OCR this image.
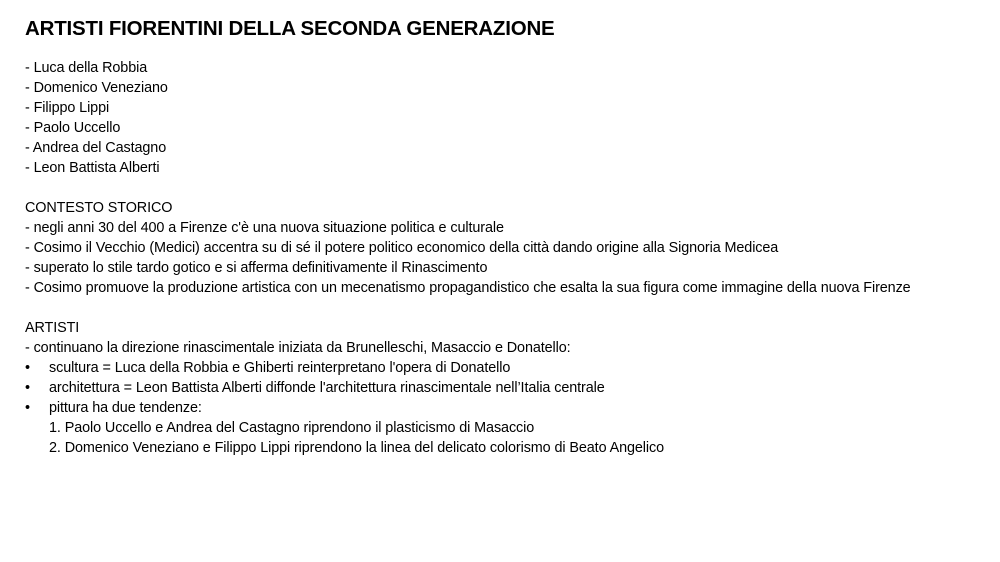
ARTISTI FIORENTINI DELLA SECONDA GENERAZIONE
- Luca della Robbia
- Domenico Veneziano
- Filippo Lippi
- Paolo Uccello
- Andrea del Castagno
- Leon Battista Alberti
CONTESTO STORICO
- negli anni 30 del 400 a Firenze c'è una nuova situazione politica e culturale
- Cosimo il Vecchio (Medici) accentra su di sé il potere politico economico della città dando origine alla Signoria Medicea
- superato lo stile tardo gotico e si afferma definitivamente il Rinascimento
- Cosimo promuove la produzione artistica con un mecenatismo propagandistico che esalta la sua figura come immagine della nuova Firenze
ARTISTI
- continuano la direzione rinascimentale iniziata da Brunelleschi, Masaccio e Donatello:
•	scultura = Luca della Robbia e Ghiberti reinterpretano l'opera di Donatello
•	architettura = Leon Battista Alberti diffonde l'architettura rinascimentale nell’Italia centrale
•	pittura ha due tendenze:
1. Paolo Uccello e Andrea del Castagno riprendono il plasticismo di Masaccio
2. Domenico Veneziano e Filippo Lippi riprendono la linea del delicato colorismo di Beato Angelico
